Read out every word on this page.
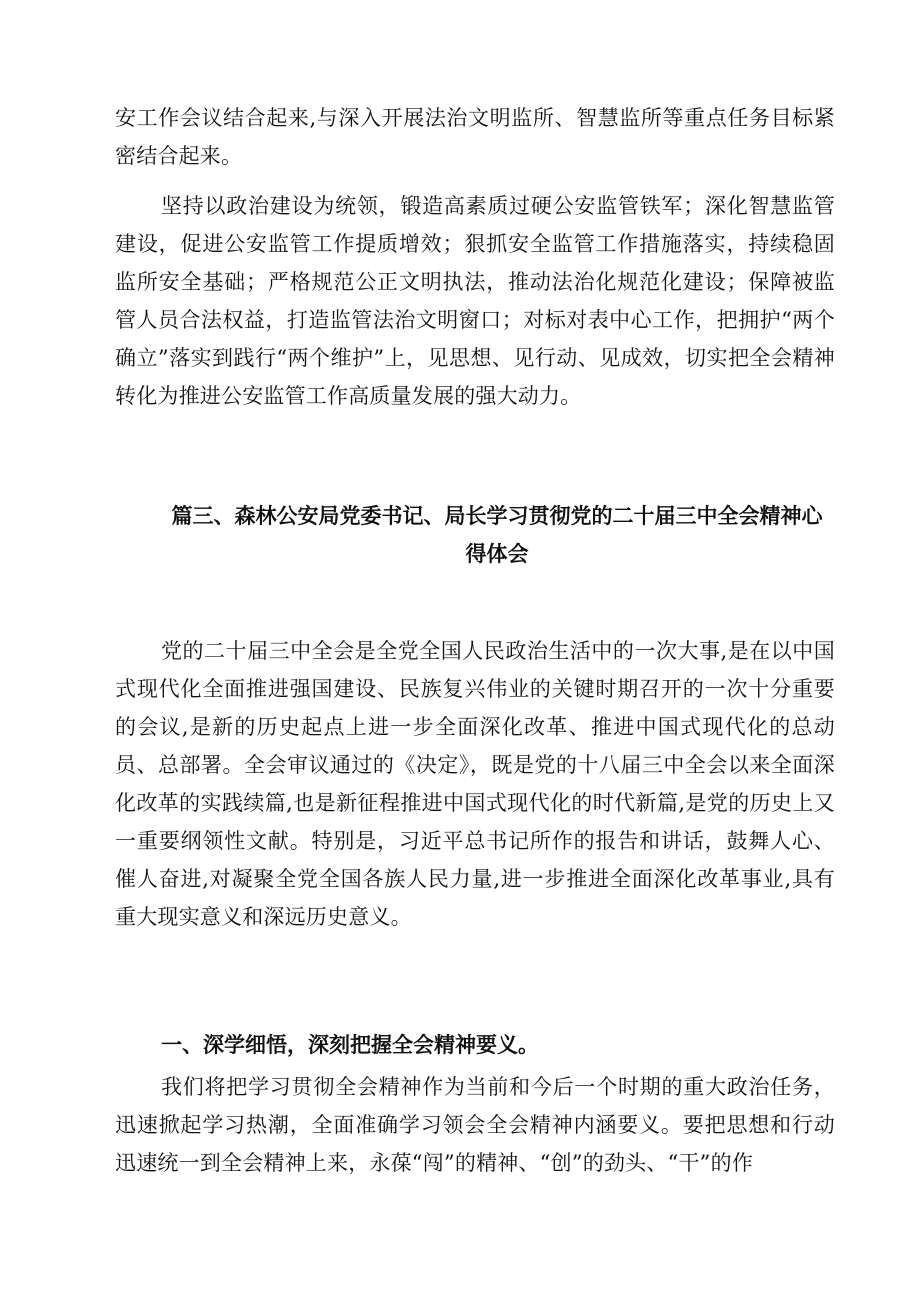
安工作会议结合起来,与深入开展法治文明监所、智慧监所等重点任务目标紧密结合起来。

坚持以政治建设为统领，锻造高素质过硬公安监管铁军；深化智慧监管建设，促进公安监管工作提质增效；狠抓安全监管工作措施落实，持续稳固监所安全基础；严格规范公正文明执法，推动法治化规范化建设；保障被监管人员合法权益，打造监管法治文明窗口；对标对表中心工作，把拥护“两个确立”落实到践行“两个维护”上，见思想、见行动、见成效，切实把全会精神转化为推进公安监管工作高质量发展的强大动力。

篇三、森林公安局党委书记、局长学习贯彻党的二十届三中全会精神心
得体会

党的二十届三中全会是全党全国人民政治生活中的一次大事,是在以中国式现代化全面推进强国建设、民族复兴伟业的关键时期召开的一次十分重要的会议,是新的历史起点上进一步全面深化改革、推进中国式现代化的总动员、总部署。全会审议通过的《决定》，既是党的十八届三中全会以来全面深化改革的实践续篇,也是新征程推进中国式现代化的时代新篇,是党的历史上又一重要纲领性文献。特别是，习近平总书记所作的报告和讲话，鼓舞人心、催人奋进,对凝聚全党全国各族人民力量,进一步推进全面深化改革事业,具有重大现实意义和深远历史意义。

一、深学细悟，深刻把握全会精神要义。

我们将把学习贯彻全会精神作为当前和今后一个时期的重大政治任务，迅速掀起学习热潮，全面准确学习领会全会精神内涵要义。要把思想和行动迅速统一到全会精神上来，永葆“闯”的精神、“创”的劲头、“干”的作
